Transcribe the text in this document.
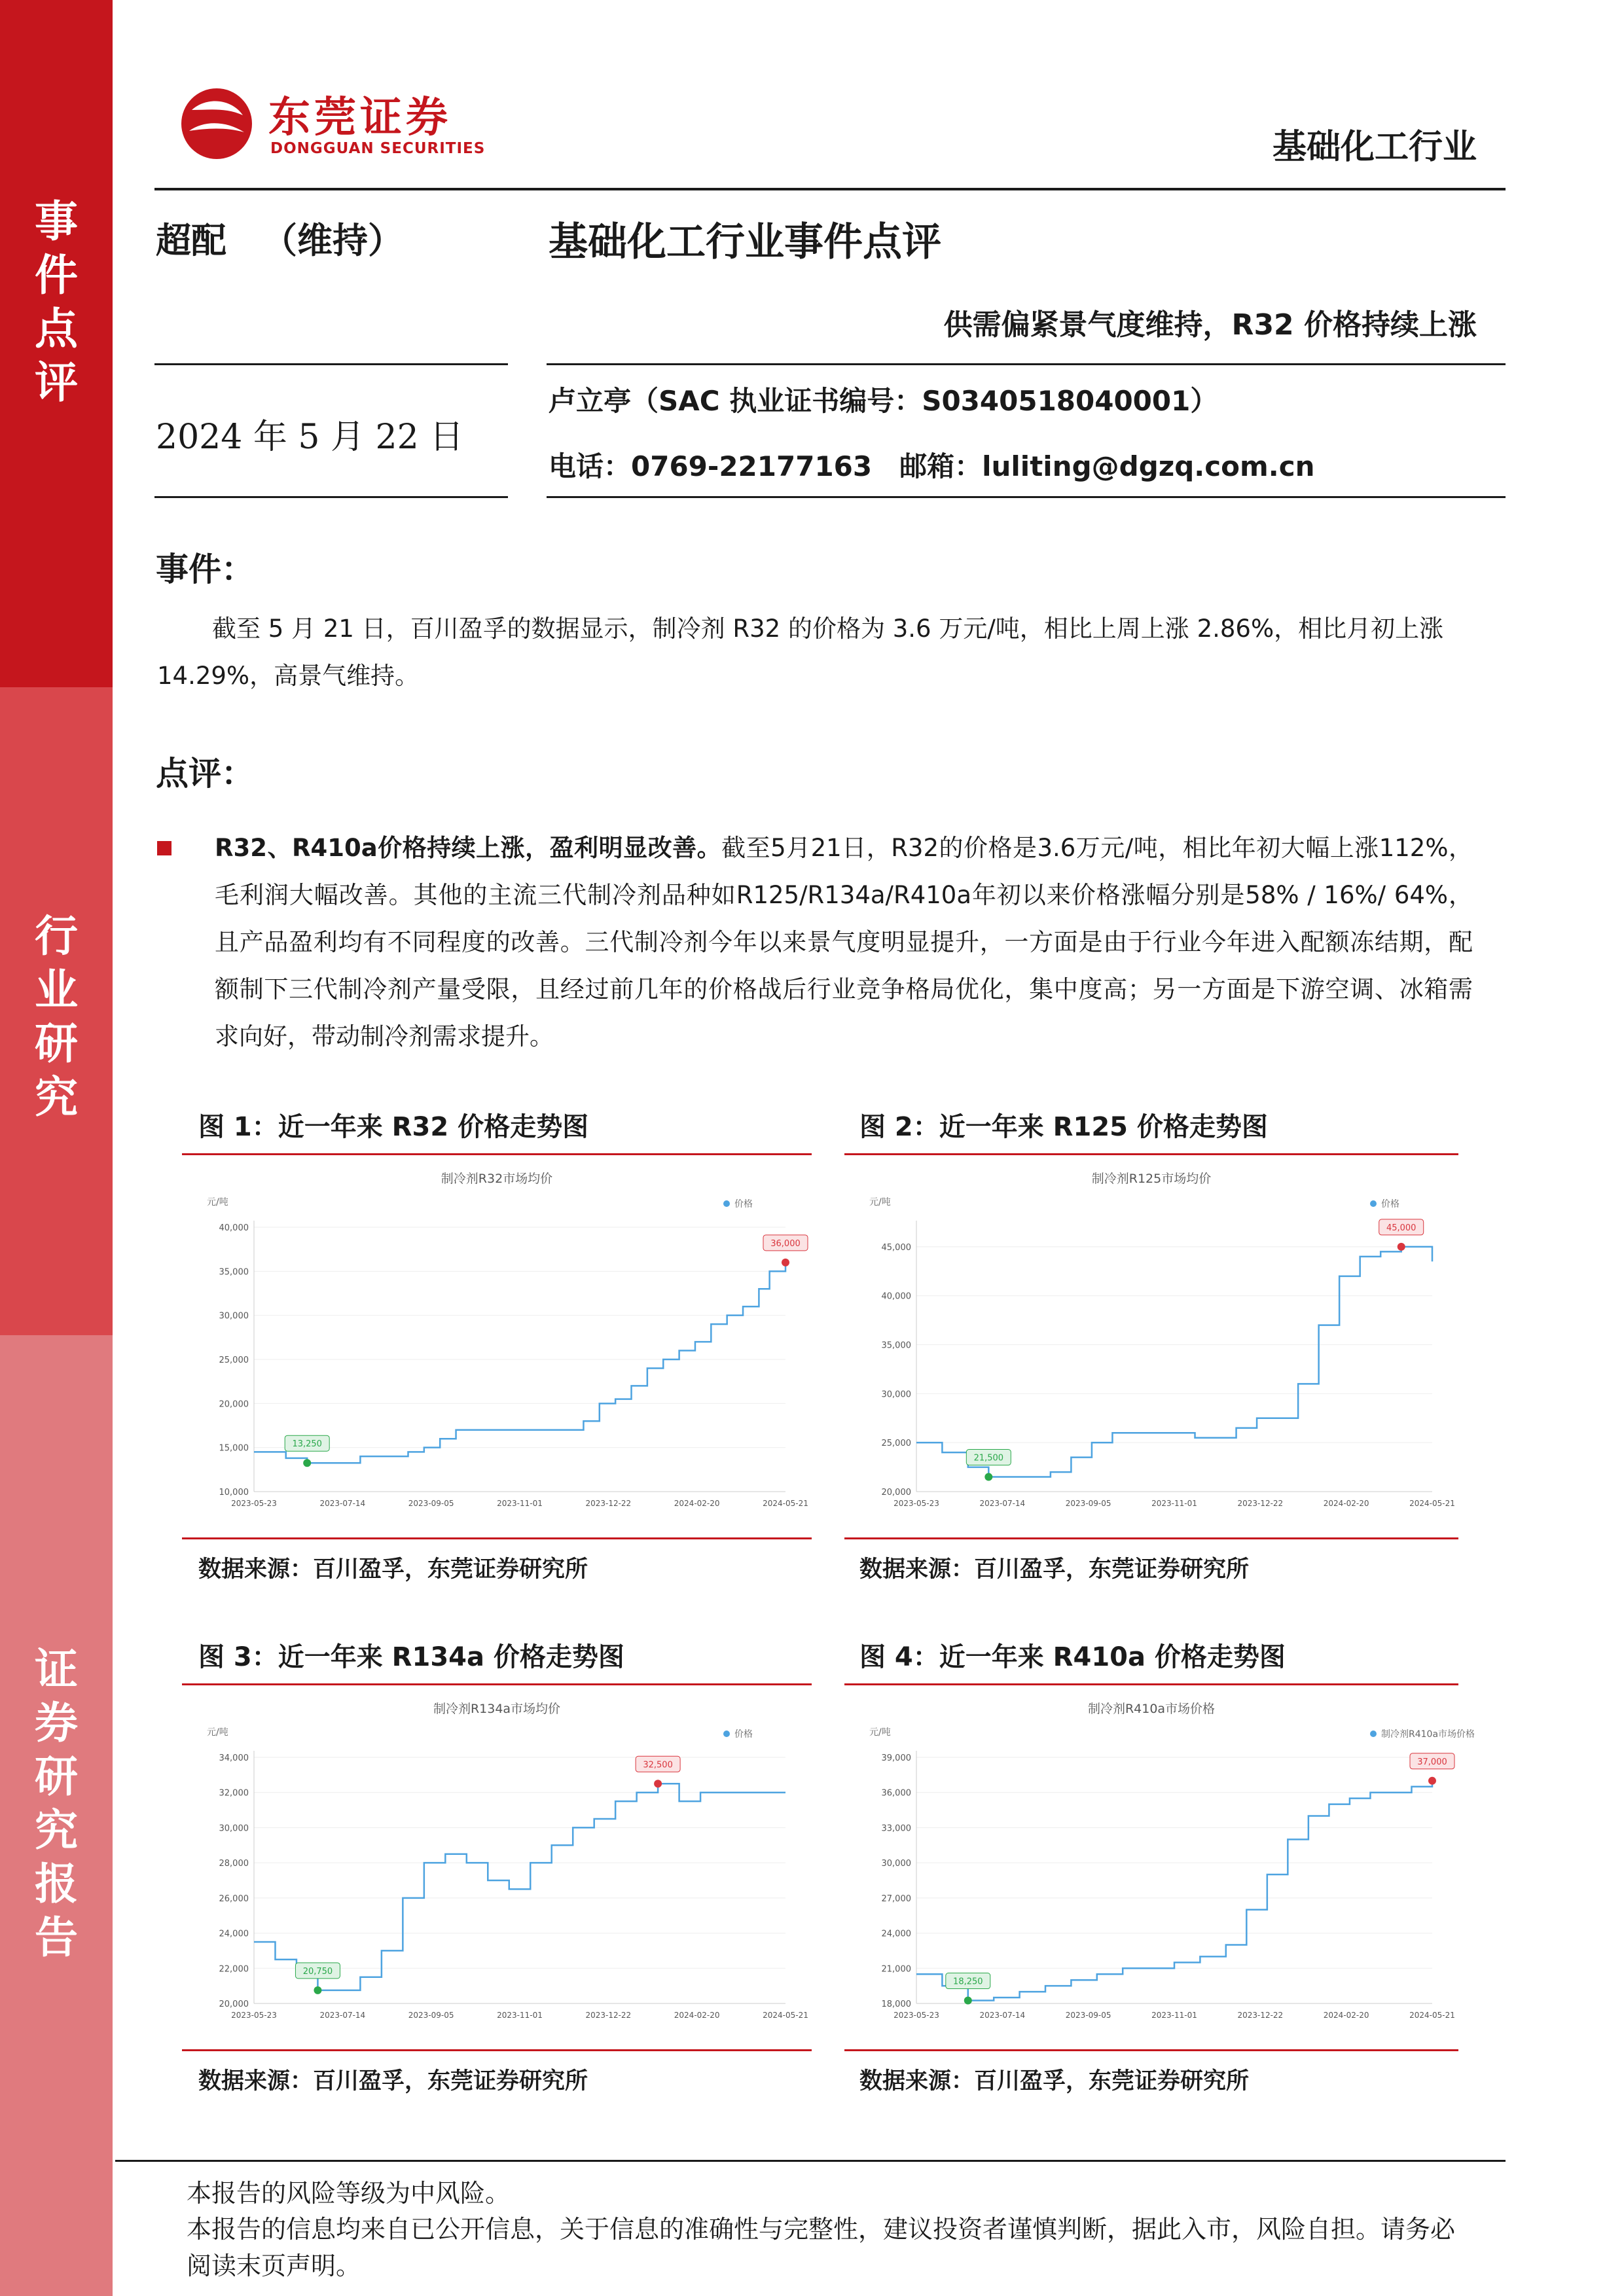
事
件
点
评
行
业
研
究
证
券
研
究
报
告
东莞证券
DONGGUAN SECURITIES	基础化工行业
超配 （维持）	基础化工行业事件点评
供需偏紧景气度维持，R32 价格持续上涨
2024 年 5 月 22 日
卢立亭（SAC 执业证书编号：S0340518040001）
电话：0769-22177163　邮箱：luliting@dgzq.com.cn
事件：
截至 5 月 21 日，百川盈孚的数据显示，制冷剂 R32 的价格为 3.6 万元/吨，相比上周上涨 2.86%，相比月初上涨 14.29%，高景气维持。
点评：
R32、R410a价格持续上涨，盈利明显改善。截至5月21日，R32的价格是3.6万元/吨，相比年初大幅上涨112%，毛利润大幅改善。其他的主流三代制冷剂品种如R125/R134a/R410a年初以来价格涨幅分别是58% / 16%/ 64%，且产品盈利均有不同程度的改善。三代制冷剂今年以来景气度明显提升，一方面是由于行业今年进入配额冻结期，配额制下三代制冷剂产量受限，且经过前几年的价格战后行业竞争格局优化，集中度高；另一方面是下游空调、冰箱需求向好，带动制冷剂需求提升。
图 1：近一年来 R32 价格走势图
制冷剂R32市场均价
元/吨	价格
10,000
15,000
20,000
25,000
30,000
35,000
40,000
2023-05-23	2023-07-14	2023-09-05	2023-11-01	2023-12-22	2024-02-20	2024-05-21
13,250
36,000
数据来源：百川盈孚，东莞证券研究所
图 2：近一年来 R125 价格走势图
制冷剂R125市场均价
元/吨	价格
20,000
25,000
30,000
35,000
40,000
45,000
2023-05-23	2023-07-14	2023-09-05	2023-11-01	2023-12-22	2024-02-20	2024-05-21
21,500
45,000
数据来源：百川盈孚，东莞证券研究所
图 3：近一年来 R134a 价格走势图
制冷剂R134a市场均价
元/吨	价格
20,000
22,000
24,000
26,000
28,000
30,000
32,000
34,000
2023-05-23	2023-07-14	2023-09-05	2023-11-01	2023-12-22	2024-02-20	2024-05-21
20,750
32,500
数据来源：百川盈孚，东莞证券研究所
图 4：近一年来 R410a 价格走势图
制冷剂R410a市场价格
元/吨	制冷剂R410a市场价格
18,000
21,000
24,000
27,000
30,000
33,000
36,000
39,000
2023-05-23	2023-07-14	2023-09-05	2023-11-01	2023-12-22	2024-02-20	2024-05-21
18,250
37,000
数据来源：百川盈孚，东莞证券研究所
本报告的风险等级为中风险。
本报告的信息均来自已公开信息，关于信息的准确性与完整性，建议投资者谨慎判断，据此入市，风险自担。请务必阅读末页声明。
